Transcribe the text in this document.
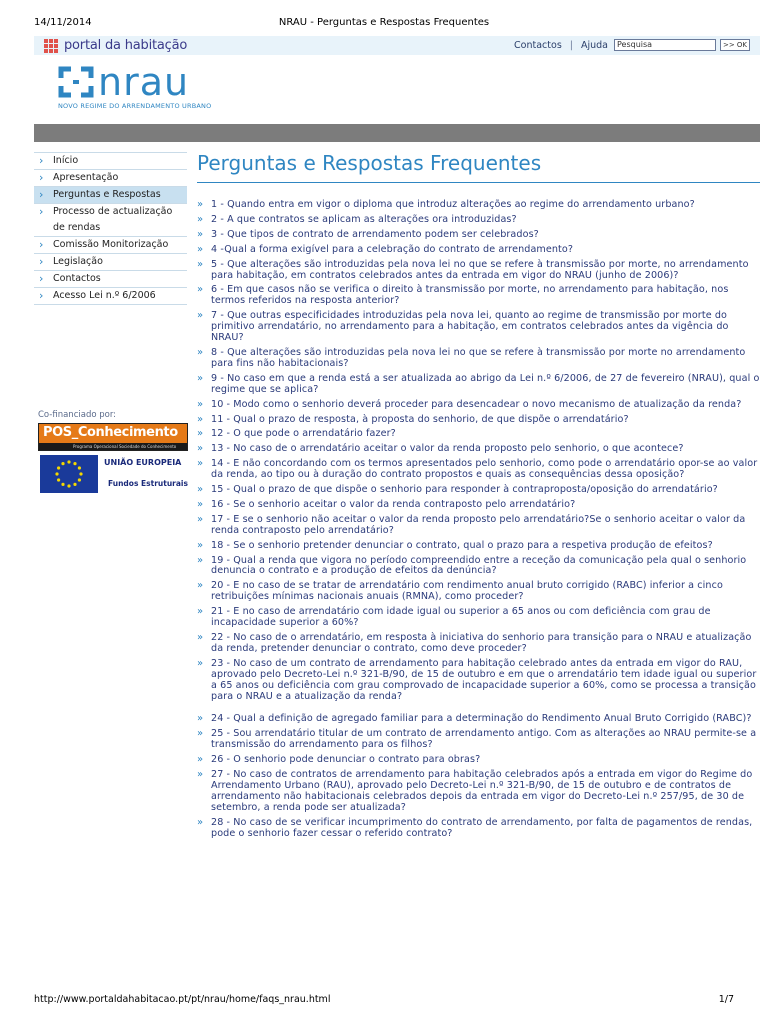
14/11/2014	NRAU - Perguntas e Respostas Frequentes
portal da habitação	Contactos | Ajuda	Pesquisa	>> OK
nrau
NOVO REGIME DO ARRENDAMENTO URBANO
› Início
› Apresentação
› Perguntas e Respostas
› Processo de actualização de rendas
› Comissão Monitorização
› Legislação
› Contactos
› Acesso Lei n.º 6/2006
Co-financiado por:
POS_Conhecimento
Programa Operacional Sociedade do Conhecimento
UNIÃO EUROPEIA
Fundos Estruturais
Perguntas e Respostas Frequentes
» 1 - Quando entra em vigor o diploma que introduz alterações ao regime do arrendamento urbano?
» 2 - A que contratos se aplicam as alterações ora introduzidas?
» 3 - Que tipos de contrato de arrendamento podem ser celebrados?
» 4 -Qual a forma exigível para a celebração do contrato de arrendamento?
» 5 - Que alterações são introduzidas pela nova lei no que se refere à transmissão por morte, no arrendamento para habitação, em contratos celebrados antes da entrada em vigor do NRAU (junho de 2006)?
» 6 - Em que casos não se verifica o direito à transmissão por morte, no arrendamento para habitação, nos termos referidos na resposta anterior?
» 7 - Que outras especificidades introduzidas pela nova lei, quanto ao regime de transmissão por morte do primitivo arrendatário, no arrendamento para a habitação, em contratos celebrados antes da vigência do NRAU?
» 8 - Que alterações são introduzidas pela nova lei no que se refere à transmissão por morte no arrendamento para fins não habitacionais?
» 9 - No caso em que a renda está a ser atualizada ao abrigo da Lei n.º 6/2006, de 27 de fevereiro (NRAU), qual o regime que se aplica?
» 10 - Modo como o senhorio deverá proceder para desencadear o novo mecanismo de atualização da renda?
» 11 - Qual o prazo de resposta, à proposta do senhorio, de que dispõe o arrendatário?
» 12 - O que pode o arrendatário fazer?
» 13 - No caso de o arrendatário aceitar o valor da renda proposto pelo senhorio, o que acontece?
» 14 - E não concordando com os termos apresentados pelo senhorio, como pode o arrendatário opor-se ao valor da renda, ao tipo ou à duração do contrato propostos e quais as consequências dessa oposição?
» 15 - Qual o prazo de que dispõe o senhorio para responder à contraproposta/oposição do arrendatário?
» 16 - Se o senhorio aceitar o valor da renda contraposto pelo arrendatário?
» 17 - E se o senhorio não aceitar o valor da renda proposto pelo arrendatário?Se o senhorio aceitar o valor da renda contraposto pelo arrendatário?
» 18 - Se o senhorio pretender denunciar o contrato, qual o prazo para a respetiva produção de efeitos?
» 19 - Qual a renda que vigora no período compreendido entre a receção da comunicação pela qual o senhorio denuncia o contrato e a produção de efeitos da denúncia?
» 20 - E no caso de se tratar de arrendatário com rendimento anual bruto corrigido (RABC) inferior a cinco retribuições mínimas nacionais anuais (RMNA), como proceder?
» 21 - E no caso de arrendatário com idade igual ou superior a 65 anos ou com deficiência com grau de incapacidade superior a 60%?
» 22 - No caso de o arrendatário, em resposta à iniciativa do senhorio para transição para o NRAU e atualização da renda, pretender denunciar o contrato, como deve proceder?
» 23 - No caso de um contrato de arrendamento para habitação celebrado antes da entrada em vigor do RAU, aprovado pelo Decreto-Lei n.º 321-B/90, de 15 de outubro e em que o arrendatário tem idade igual ou superior a 65 anos ou deficiência com grau comprovado de incapacidade superior a 60%, como se processa a transição para o NRAU e a atualização da renda?
» 24 - Qual a definição de agregado familiar para a determinação do Rendimento Anual Bruto Corrigido (RABC)?
» 25 - Sou arrendatário titular de um contrato de arrendamento antigo. Com as alterações ao NRAU permite-se a transmissão do arrendamento para os filhos?
» 26 - O senhorio pode denunciar o contrato para obras?
» 27 - No caso de contratos de arrendamento para habitação celebrados após a entrada em vigor do Regime do Arrendamento Urbano (RAU), aprovado pelo Decreto-Lei n.º 321-B/90, de 15 de outubro e de contratos de arrendamento não habitacionais celebrados depois da entrada em vigor do Decreto-Lei n.º 257/95, de 30 de setembro, a renda pode ser atualizada?
» 28 - No caso de se verificar incumprimento do contrato de arrendamento, por falta de pagamentos de rendas, pode o senhorio fazer cessar o referido contrato?
http://www.portaldahabitacao.pt/pt/nrau/home/faqs_nrau.html	1/7
